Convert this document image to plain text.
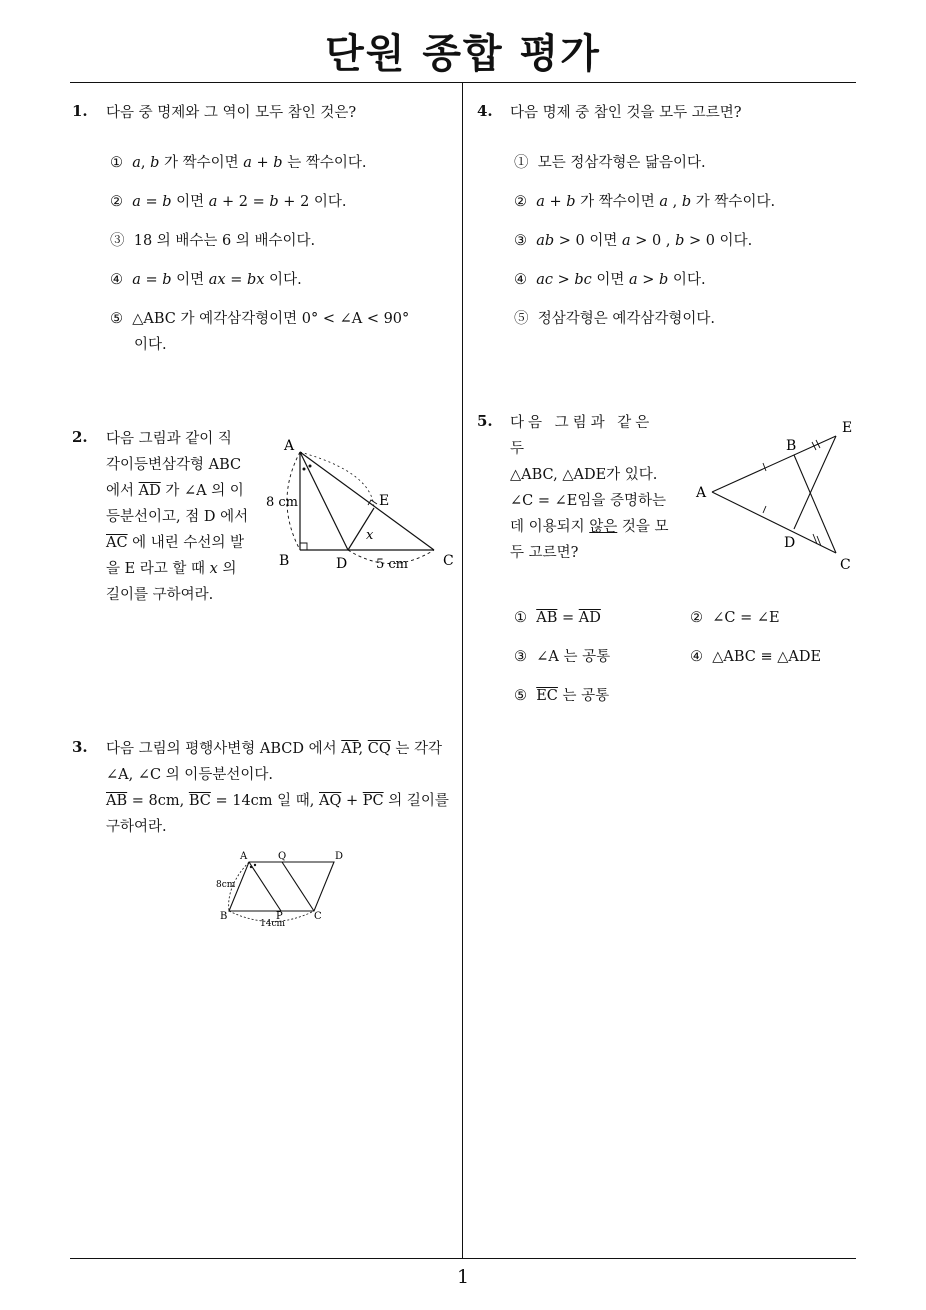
단원 종합 평가
1
1. 다음 중 명제와 그 역이 모두 참인 것은?
① a, b 가 짝수이면 a + b 는 짝수이다.
② a = b 이면 a + 2 = b + 2 이다.
③ 18 의 배수는 6 의 배수이다.
④ a = b 이면 ax = bx 이다.
⑤ △ABC 가 예각삼각형이면 0° < ∠A < 90°
이다.
2. 다음 그림과 같이 직
각이등변삼각형 ABC
에서 $\overline{AD}$ 가 ∠A 의 이
등분선이고, 점 D 에서
$\overline{AC}$ 에 내린 수선의 발
을 E 라고 할 때 x 의
길이를 구하여라.
A
B	C
D
E
x
8 cm
5 cm
3. 다음 그림의 평행사변형 ABCD 에서 $\overline{AP}$, $\overline{CQ}$ 는 각각
∠A, ∠C 의 이등분선이다.
$\overline{AB} = 8cm$, $\overline{BC} = 14cm$ 일 때, $\overline{AQ} + \overline{PC}$ 의 길이를
구하여라.
A	Q	D
B	P	C
8cm
14cm
4. 다음 명제 중 참인 것을 모두 고르면?
① 모든 정삼각형은 닮음이다.
② a + b 가 짝수이면 a , b 가 짝수이다.
③ ab > 0 이면 a > 0 , b > 0 이다.
④ ac > bc 이면 a > b 이다.
⑤ 정삼각형은 예각삼각형이다.
5. 다음 그림과 같은 두
△ABC, △ADE가 있다.
∠C = ∠E임을 증명하는
데 이용되지 않은 것을 모
두 고르면?
A
B
E
D
C
① $\overline{AB} = \overline{AD}$	② ∠C = ∠E
③ ∠A 는 공통	④ △ABC ≡ △ADE
⑤ $\overline{EC}$ 는 공통
